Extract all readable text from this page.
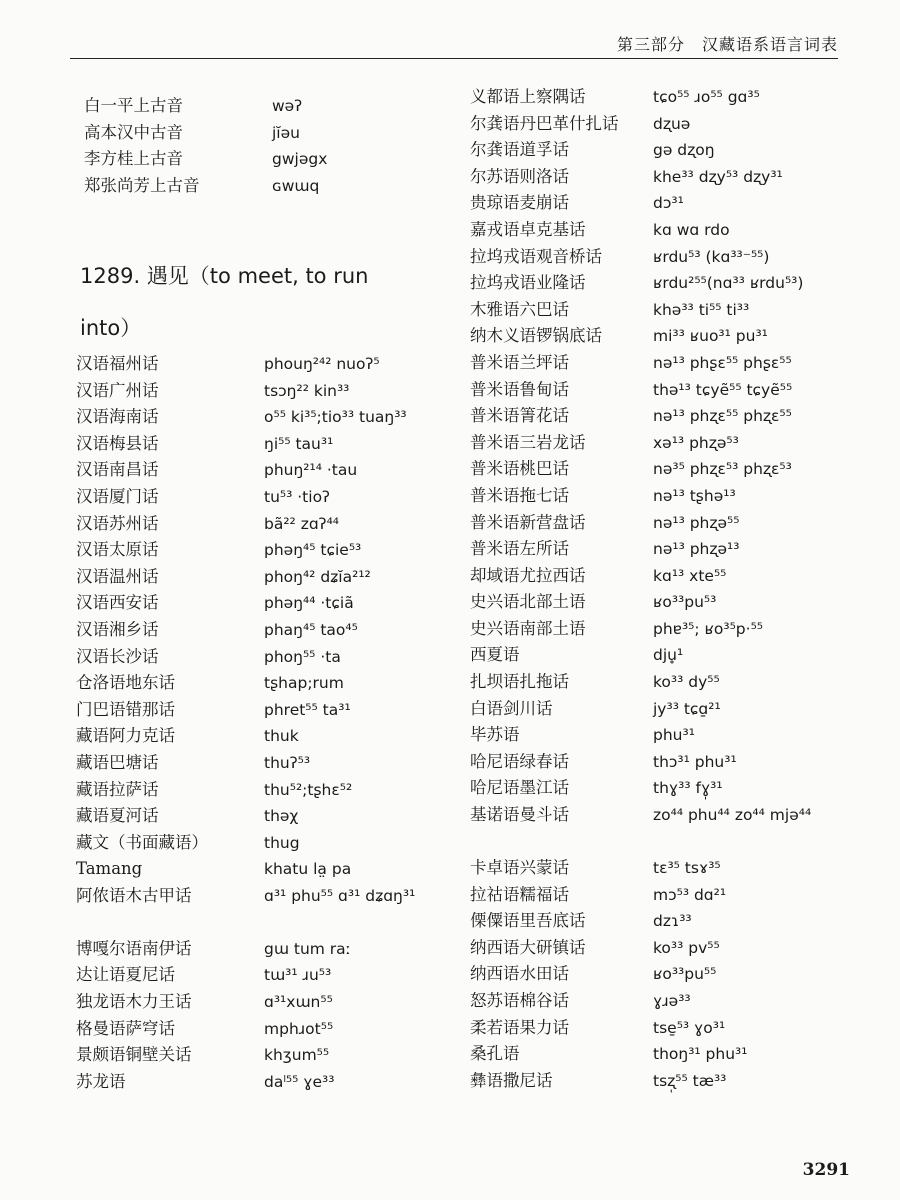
第三部分　汉藏语系语言词表
白一平上古音	wəʔ
高本汉中古音	jĭəu
李方桂上古音	gwjəgx
郑张尚芳上古音	ɢwɯq
1289. 遇见（to meet, to run into）
汉语福州话	phouŋ²⁴² nuoʔ⁵
汉语广州话	tsɔŋ²² kin³³
汉语海南话	o⁵⁵ ki³⁵;tio³³ tuaŋ³³
汉语梅县话	ŋi⁵⁵ tau³¹
汉语南昌话	phuŋ²¹⁴ ·tau
汉语厦门话	tu⁵³ ·tioʔ
汉语苏州话	bã²² zɑʔ⁴⁴
汉语太原话	phəŋ⁴⁵ tɕie⁵³
汉语温州话	phoŋ⁴² dʑĭa²¹²
汉语西安话	phəŋ⁴⁴ ·tɕiã
汉语湘乡话	phaŋ⁴⁵ tao⁴⁵
汉语长沙话	phoŋ⁵⁵ ·ta
仓洛语地东话	tʂhap;rum
门巴语错那话	phret⁵⁵ ta³¹
藏语阿力克话	thuk
藏语巴塘话	thuʔ⁵³
藏语拉萨话	thu⁵²;tʂhɛ⁵²
藏语夏河话	thəχ
藏文（书面藏语）	thug
Tamang	khatu la̤ pa
阿侬语木古甲话	ɑ³¹ phu⁵⁵ ɑ³¹ dʑɑŋ³¹
博嘎尔语南伊话	gɯ tum raː
达让语夏尼话	tɯ³¹ ɹu⁵³
独龙语木力王话	ɑ³¹xɯn⁵⁵
格曼语萨穹话	mphɹot⁵⁵
景颇语铜壁关话	khʒum⁵⁵
苏龙语	daˡ⁵⁵ ɣe³³
义都语上察隅话	tɕo⁵⁵ ɹo⁵⁵ gɑ³⁵
尔龚语丹巴革什扎话 dʐuə
尔龚语道孚话	gə dʐoŋ
尔苏语则洛话	khe³³ dʐy⁵³ dʐy³¹
贵琼语麦崩话	dɔ³¹
嘉戎语卓克基话	kɑ wɑ rdo
拉坞戎语观音桥话	ʁrdu⁵³ (kɑ³³⁻⁵⁵)
拉坞戎语业隆话	ʁrdu²⁵⁵(nɑ³³ ʁrdu⁵³)
木雅语六巴话	khə³³ ti⁵⁵ ti³³
纳木义语锣锅底话	mi³³ ʁuo³¹ pu³¹
普米语兰坪话	nə¹³ phʂɛ⁵⁵ phʂɛ⁵⁵
普米语鲁甸话	thə¹³ tɕyẽ⁵⁵ tɕyẽ⁵⁵
普米语箐花话	nə¹³ phʐɛ⁵⁵ phʐɛ⁵⁵
普米语三岩龙话	xə¹³ phʐə⁵³
普米语桃巴话	nə³⁵ phʐɛ⁵³ phʐɛ⁵³
普米语拖七话	nə¹³ tʂhə¹³
普米语新营盘话	nə¹³ phʐə⁵⁵
普米语左所话	nə¹³ phʐə¹³
却域语尤拉西话	kɑ¹³ xte⁵⁵
史兴语北部土语	ʁo³³pu⁵³
史兴语南部土语	phɐ³⁵; ʁo³⁵p·⁵⁵
西夏语	dju̥¹
扎坝语扎拖话	ko³³ dy⁵⁵
白语剑川话	jy³³ tɕɑ̱²¹
毕苏语	phu³¹
哈尼语绿春话	thɔ³¹ phu³¹
哈尼语墨江话	thɣ³³ fɣ̩³¹
基诺语曼斗话	zo⁴⁴ phu⁴⁴ zo⁴⁴ mjə⁴⁴
卡卓语兴蒙话	tɛ³⁵ tsɤ³⁵
拉祜语糯福话	mɔ⁵³ dɑ²¹
傈僳语里吾底话	dzɿ³³
纳西语大研镇话	ko³³ pv⁵⁵
纳西语水田话	ʁo³³pu⁵⁵
怒苏语棉谷话	ɣɹə³³
柔若语果力话	tse̱⁵³ ɣo³¹
桑孔语	thoŋ³¹ phu³¹
彝语撒尼话	tsʐ̩⁵⁵ tæ³³
3291
